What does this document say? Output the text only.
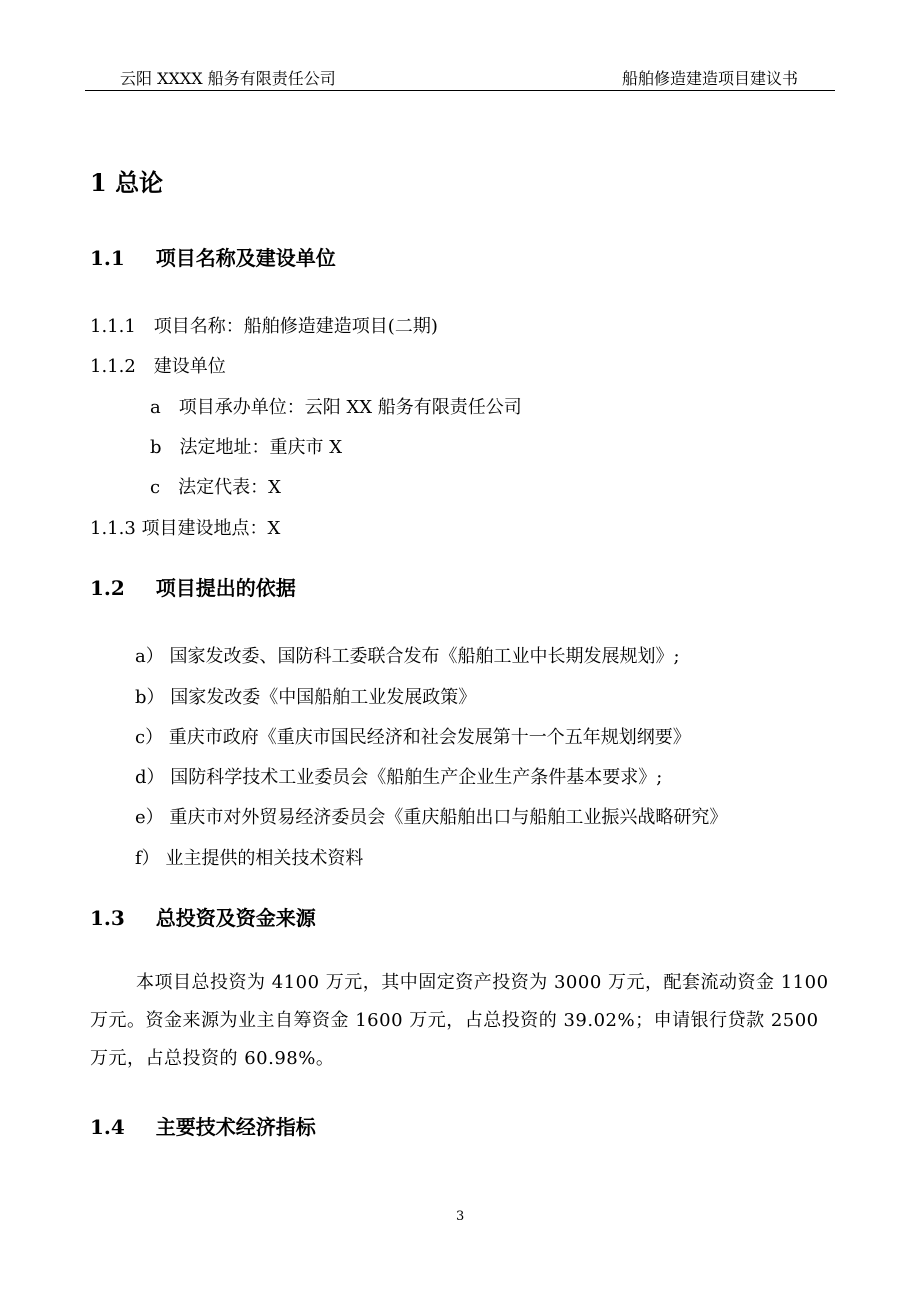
云阳 XXXX 船务有限责任公司	船舶修造建造项目建议书
1 总论
1.1 项目名称及建设单位
1.1.1　项目名称：船舶修造建造项目(二期)
1.1.2　建设单位
a　项目承办单位：云阳 XX 船务有限责任公司
b　法定地址：重庆市 X
c　法定代表：X
1.1.3 项目建设地点：X
1.2 项目提出的依据
a） 国家发改委、国防科工委联合发布《船舶工业中长期发展规划》;
b） 国家发改委《中国船舶工业发展政策》
c） 重庆市政府《重庆市国民经济和社会发展第十一个五年规划纲要》
d） 国防科学技术工业委员会《船舶生产企业生产条件基本要求》;
e） 重庆市对外贸易经济委员会《重庆船舶出口与船舶工业振兴战略研究》
f） 业主提供的相关技术资料
1.3 总投资及资金来源
本项目总投资为 4100 万元，其中固定资产投资为 3000 万元，配套流动资金 1100 万元。资金来源为业主自筹资金 1600 万元，占总投资的 39.02%；申请银行贷款 2500 万元，占总投资的 60.98%。
1.4 主要技术经济指标
3
